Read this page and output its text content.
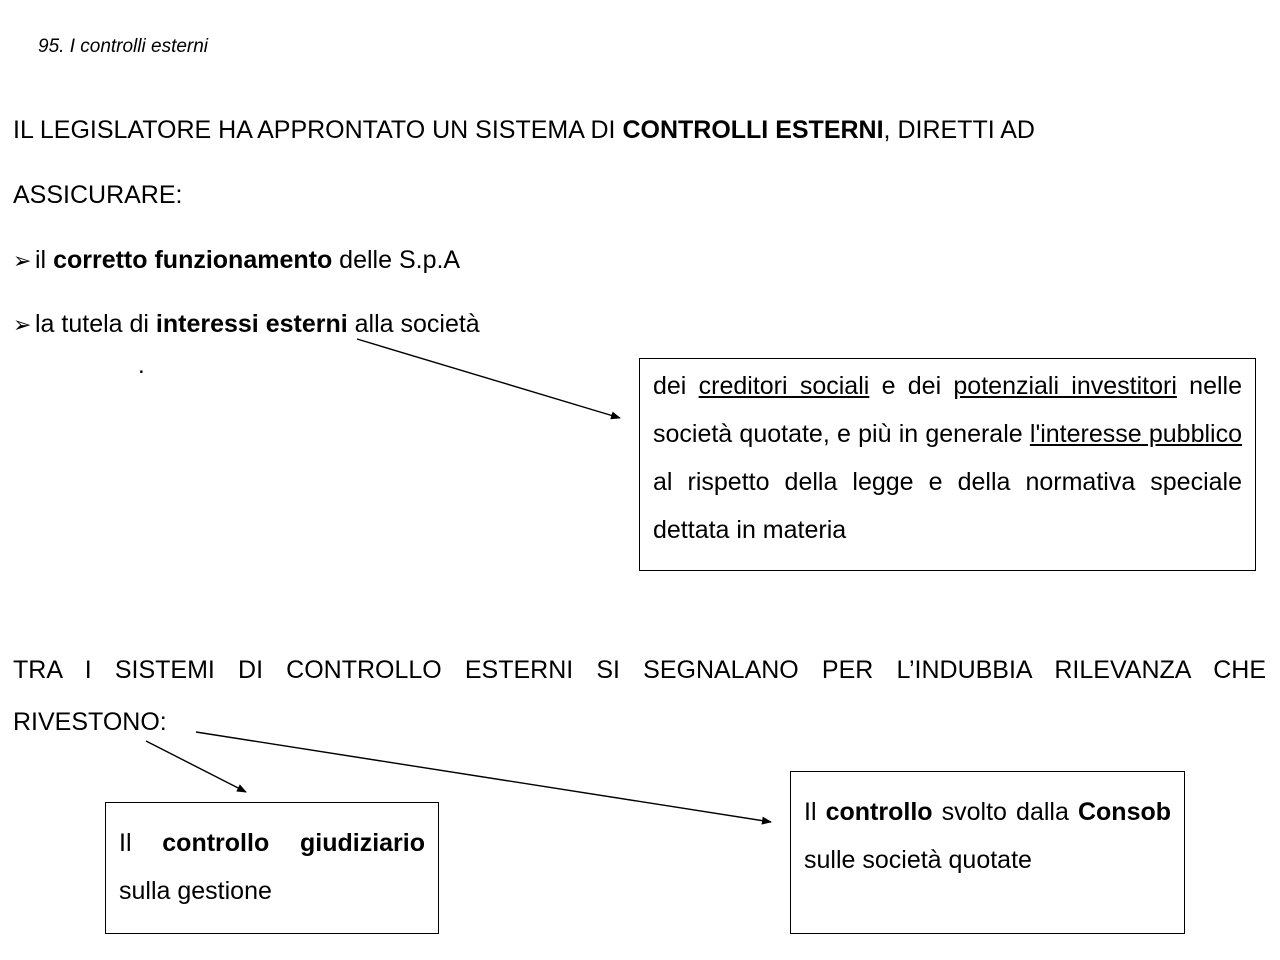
95. I controlli esterni
IL LEGISLATORE HA APPRONTATO UN SISTEMA DI CONTROLLI ESTERNI, DIRETTI AD
ASSICURARE:
➢ il corretto funzionamento delle S.p.A
➢ la tutela di interessi esterni alla società
.
dei creditori sociali e dei potenziali investitori nelle società quotate, e più in generale l'interesse pubblico al rispetto della legge e della normativa speciale dettata in materia
TRA I SISTEMI DI CONTROLLO ESTERNI SI SEGNALANO PER L’INDUBBIA RILEVANZA CHE
RIVESTONO:
Il controllo giudiziario sulla gestione
Il controllo svolto dalla Consob sulle società quotate
